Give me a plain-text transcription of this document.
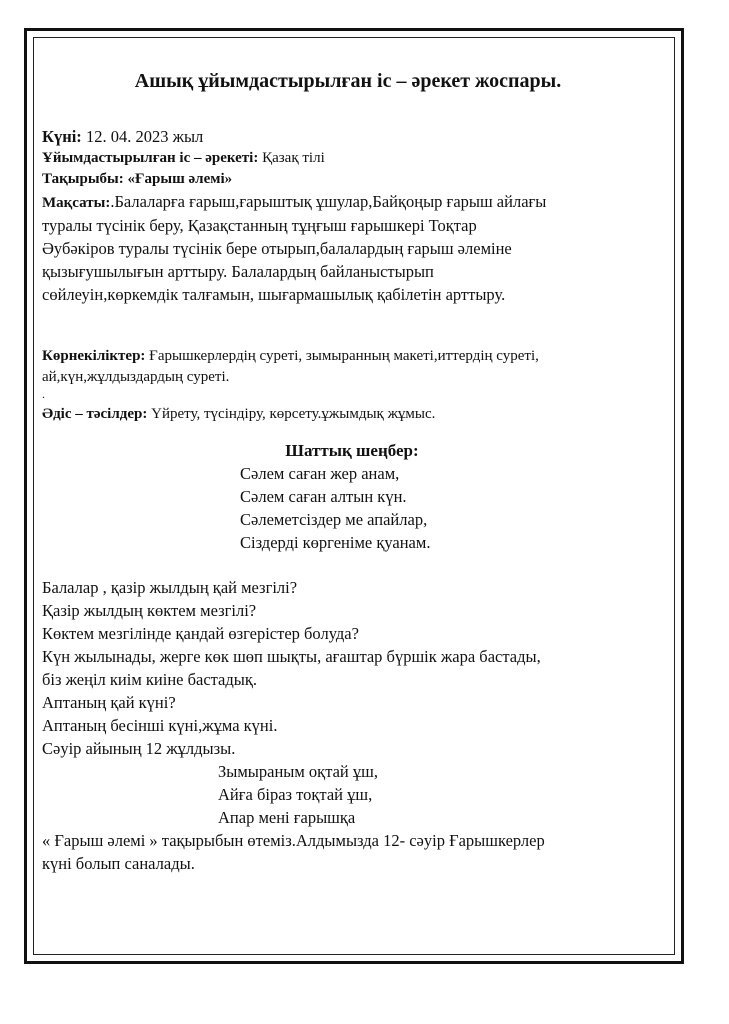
Ашық ұйымдастырылған іс – әрекет жоспары.

Күні: 12. 04. 2023 жыл

Ұйымдастырылған іс – әрекеті: Қазақ тілі

Тақырыбы: «Ғарыш әлемі»

Мақсаты:.Балаларға ғарыш,ғарыштық ұшулар,Байқоңыр ғарыш айлағы

туралы түсінік беру, Қазақстанның тұңғыш ғарышкері Тоқтар

Әубәкіров туралы түсінік бере отырып,балалардың ғарыш әлеміне

қызығушылығын арттыру. Балалардың байланыстырып

сөйлеуін,көркемдік талғамын, шығармашылық қабілетін арттыру.

Көрнекіліктер: Ғарышкерлердің суреті, зымыранның макеті,иттердің суреті,

ай,күн,жұлдыздардың суреті.

.

Әдіс – тәсілдер: Үйрету, түсіндіру, көрсету.ұжымдық жұмыс.

Шаттық шеңбер:

Сәлем саған жер анам,

Сәлем саған алтын күн.

Сәлеметсіздер ме апайлар,

Сіздерді көргеніме қуанам.

Балалар , қазір жылдың қай мезгілі?

Қазір жылдың көктем мезгілі?

Көктем мезгілінде қандай өзгерістер болуда?

Күн жылынады, жерге көк шөп шықты, ағаштар бүршік жара бастады,

біз жеңіл киім киіне бастадық.

Аптаның қай күні?

Аптаның бесінші күні,жұма күні.

Сәуір айының 12 жұлдызы.

Зымыраным оқтай ұш,

Айға біраз тоқтай ұш,

Апар мені ғарышқа

« Ғарыш әлемі » тақырыбын өтеміз.Алдымызда 12- сәуір Ғарышкерлер

күні болып саналады.
